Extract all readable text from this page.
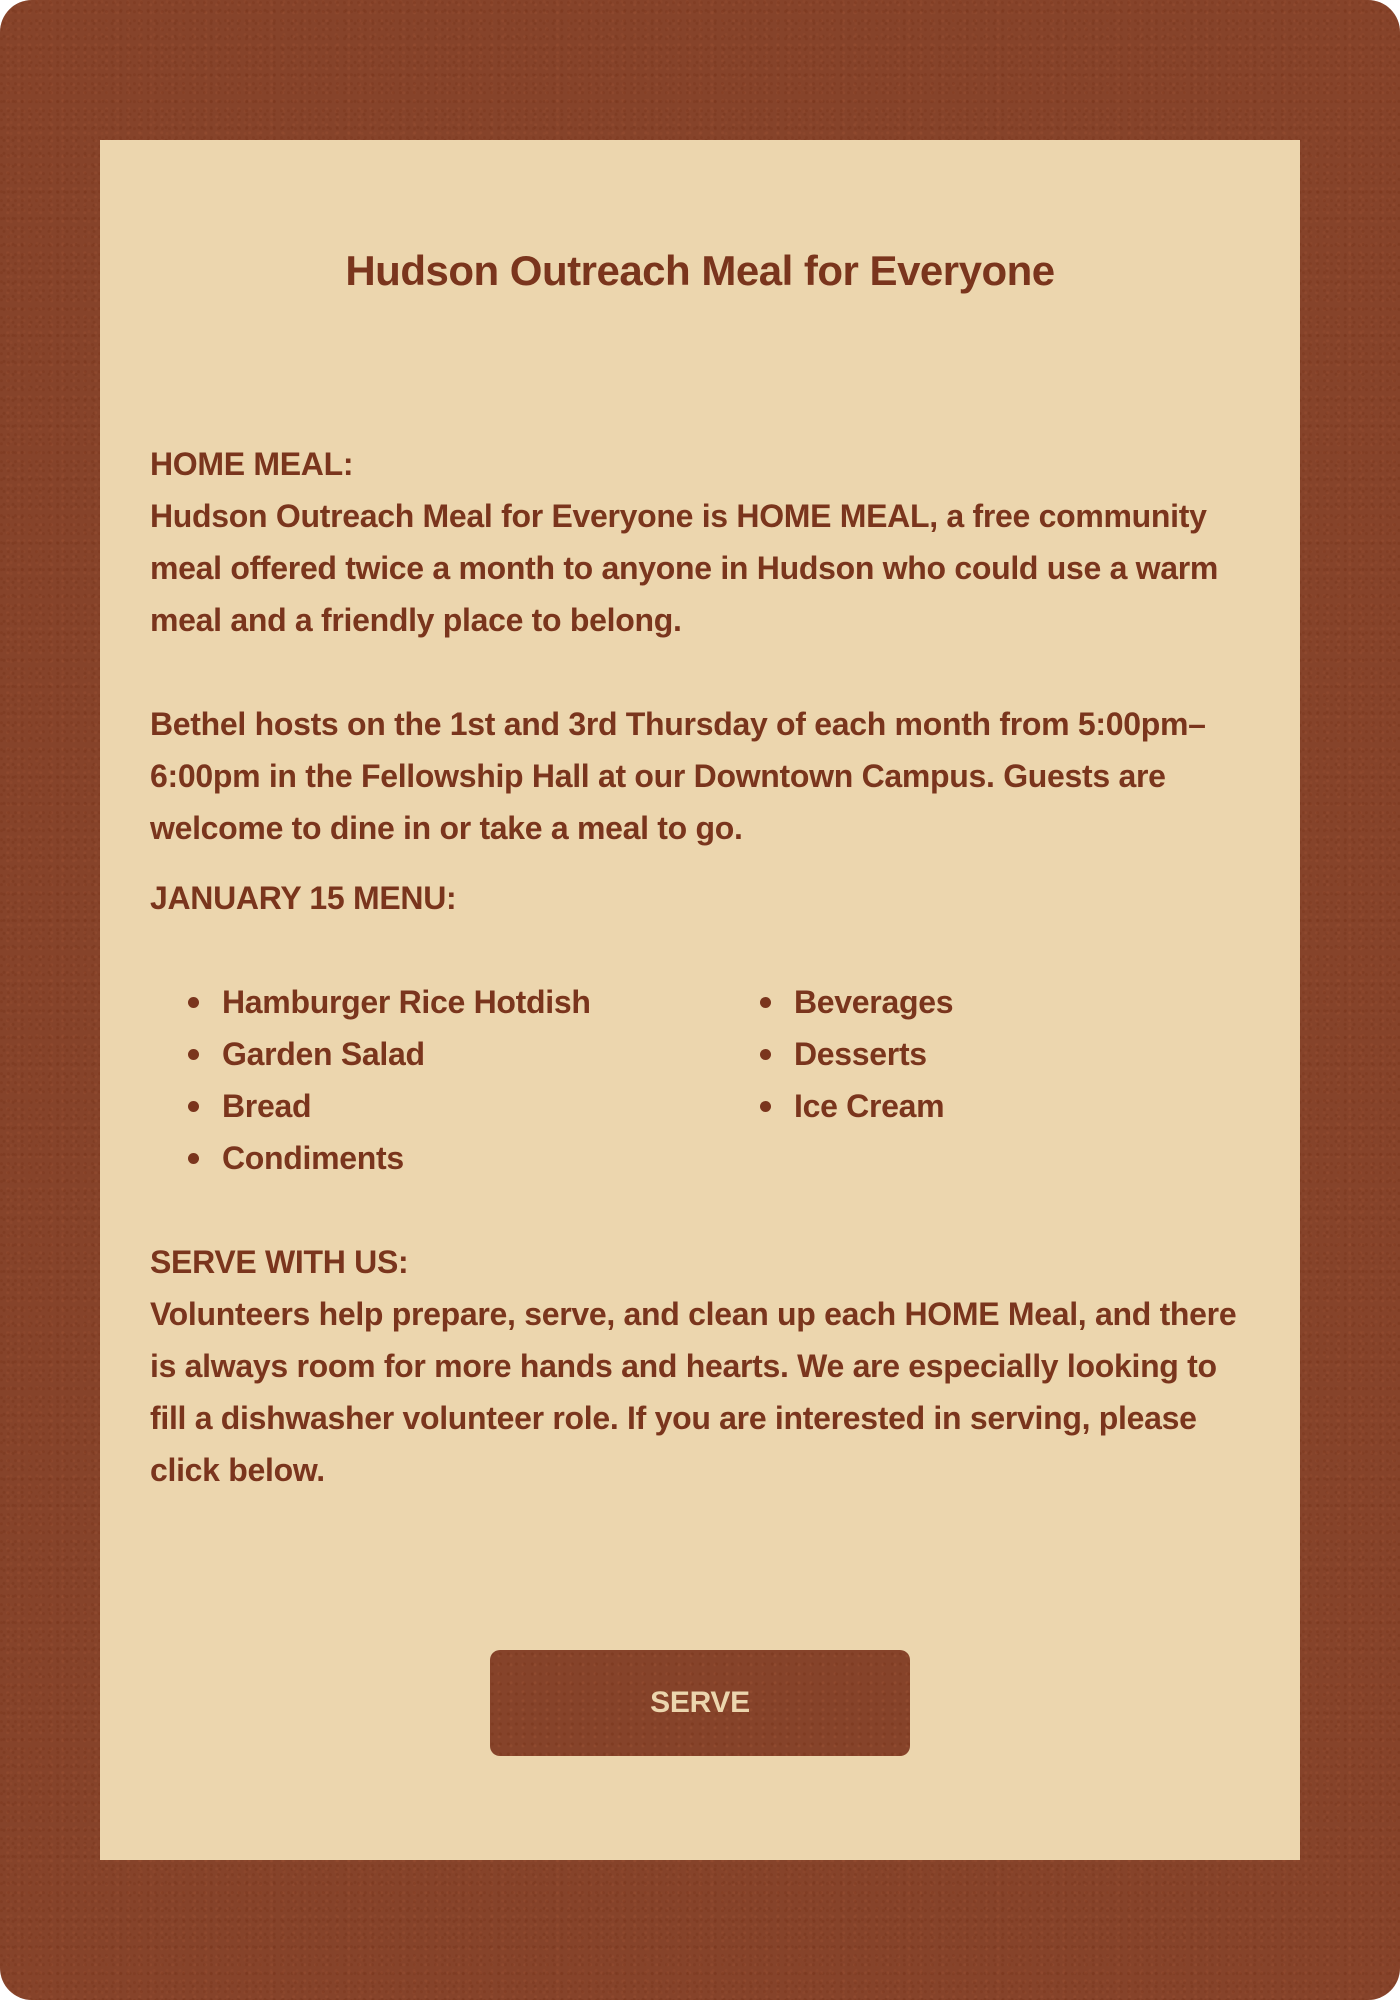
Hudson Outreach Meal for Everyone

HOME MEAL:

Hudson Outreach Meal for Everyone is HOME MEAL, a free community meal offered twice a month to anyone in Hudson who could use a warm meal and a friendly place to belong.

Bethel hosts on the 1st and 3rd Thursday of each month from 5:00pm–6:00pm in the Fellowship Hall at our Downtown Campus. Guests are welcome to dine in or take a meal to go.

JANUARY 15 MENU:

Hamburger Rice Hotdish
Garden Salad
Bread
Condiments
Beverages
Desserts
Ice Cream

SERVE WITH US:

Volunteers help prepare, serve, and clean up each HOME Meal, and there is always room for more hands and hearts. We are especially looking to fill a dishwasher volunteer role. If you are interested in serving, please click below.

SERVE
